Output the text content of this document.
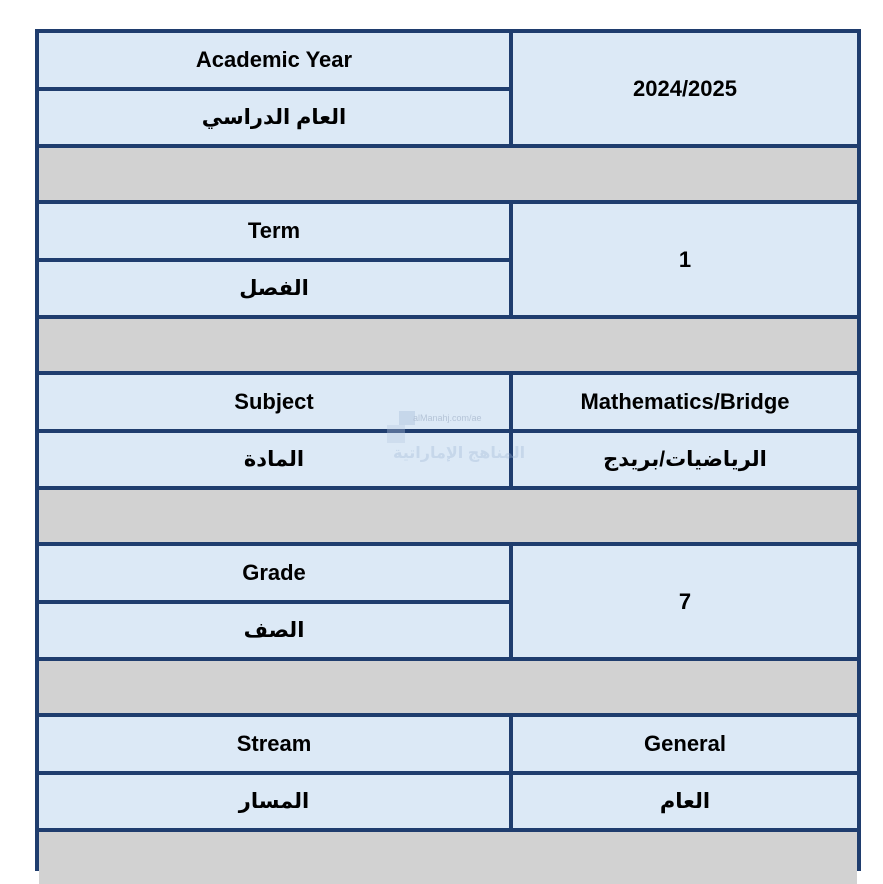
Academic Year
العام الدراسي
2024/2025
Term
الفصل
1
Subject
المادة
Mathematics/Bridge
الرياضيات/بريدج
Grade
الصف
7
Stream
المسار
General
العام
alManahj.com/ae
المناهج الإماراتية
